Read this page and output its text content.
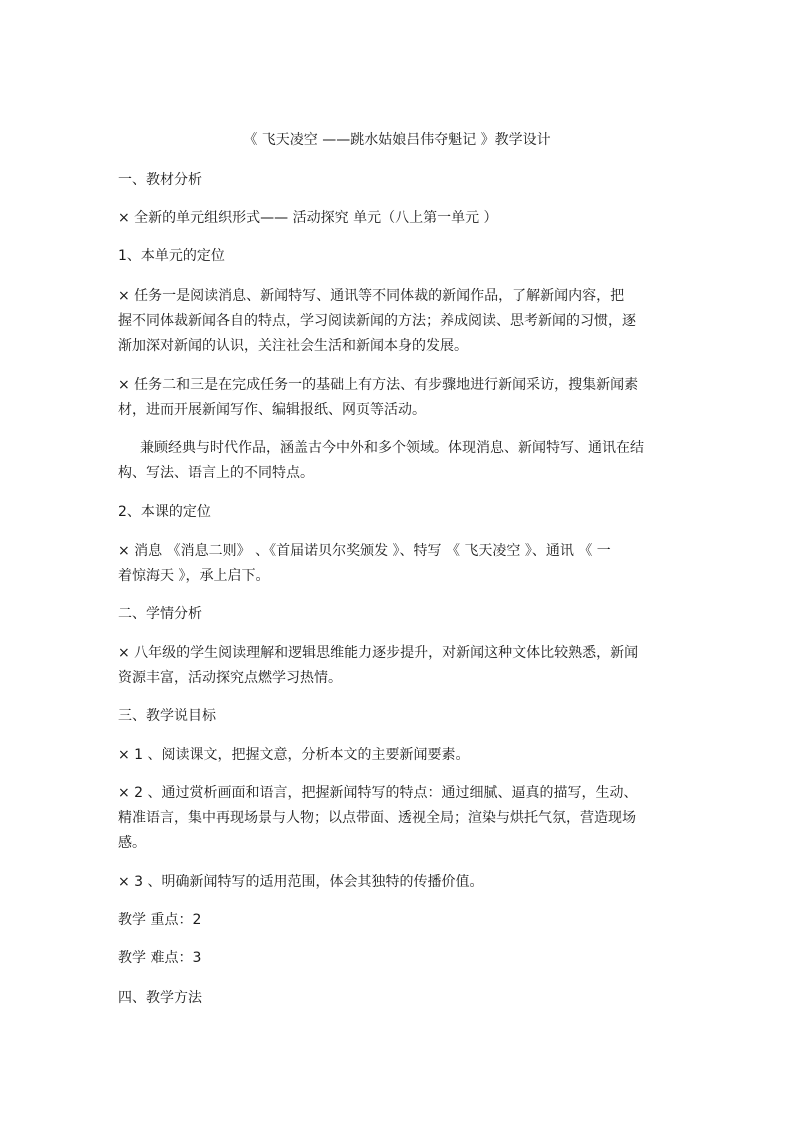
《 飞天凌空 ——跳水姑娘吕伟夺魁记 》教学设计
一、教材分析
× 全新的单元组织形式—— 活动探究 单元（八上第一单元 ）
1、本单元的定位
× 任务一是阅读消息、新闻特写、通讯等不同体裁的新闻作品，了解新闻内容，把
握不同体裁新闻各自的特点，学习阅读新闻的方法；养成阅读、思考新闻的习惯，逐
渐加深对新闻的认识，关注社会生活和新闻本身的发展。
× 任务二和三是在完成任务一的基础上有方法、有步骤地进行新闻采访，搜集新闻素
材，进而开展新闻写作、编辑报纸、网页等活动。
兼顾经典与时代作品，涵盖古今中外和多个领域。体现消息、新闻特写、通讯在结
构、写法、语言上的不同特点。
2、本课的定位
× 消息 《消息二则》 、《首届诺贝尔奖颁发 》、特写 《 飞天凌空 》、通讯 《 一
着惊海天 》，承上启下。
二、学情分析
× 八年级的学生阅读理解和逻辑思维能力逐步提升，对新闻这种文体比较熟悉，新闻
资源丰富，活动探究点燃学习热情。
三、教学说目标
× 1 、阅读课文，把握文意，分析本文的主要新闻要素。
× 2 、通过赏析画面和语言，把握新闻特写的特点：通过细腻、逼真的描写，生动、
精准语言，集中再现场景与人物；以点带面、透视全局；渲染与烘托气氛，营造现场
感。
× 3 、明确新闻特写的适用范围，体会其独特的传播价值。
教学 重点：2
教学 难点：3
四、教学方法
